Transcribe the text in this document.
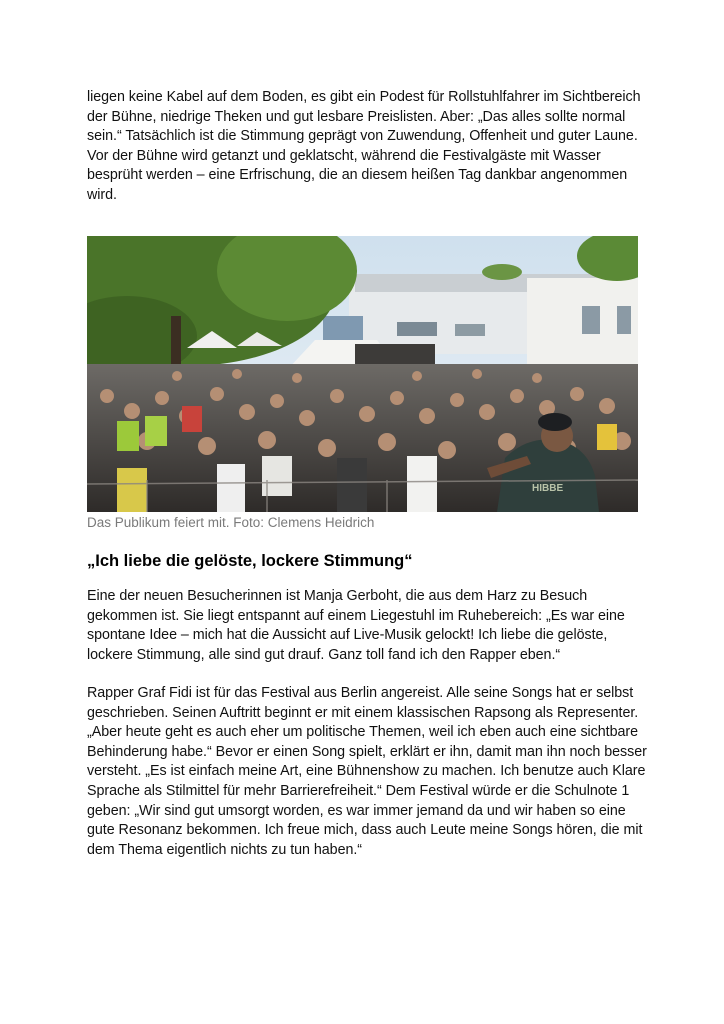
liegen keine Kabel auf dem Boden, es gibt ein Podest für Rollstuhlfahrer im Sichtbereich der Bühne, niedrige Theken und gut lesbare Preislisten. Aber: „Das alles sollte normal sein.“ Tatsächlich ist die Stimmung geprägt von Zuwendung, Offenheit und guter Laune. Vor der Bühne wird getanzt und geklatscht, während die Festivalgäste mit Wasser besprüht werden – eine Erfrischung, die an diesem heißen Tag dankbar angenommen wird.

HIBBE

Das Publikum feiert mit. Foto: Clemens Heidrich

„Ich liebe die gelöste, lockere Stimmung“

Eine der neuen Besucherinnen ist Manja Gerboht, die aus dem Harz zu Besuch gekommen ist. Sie liegt entspannt auf einem Liegestuhl im Ruhebereich: „Es war eine spontane Idee – mich hat die Aussicht auf Live-Musik gelockt! Ich liebe die gelöste, lockere Stimmung, alle sind gut drauf. Ganz toll fand ich den Rapper eben.“

Rapper Graf Fidi ist für das Festival aus Berlin angereist. Alle seine Songs hat er selbst geschrieben. Seinen Auftritt beginnt er mit einem klassischen Rapsong als Representer. „Aber heute geht es auch eher um politische Themen, weil ich eben auch eine sichtbare Behinderung habe.“ Bevor er einen Song spielt, erklärt er ihn, damit man ihn noch besser versteht. „Es ist einfach meine Art, eine Bühnenshow zu machen. Ich benutze auch Klare Sprache als Stilmittel für mehr Barrierefreiheit.“ Dem Festival würde er die Schulnote 1 geben: „Wir sind gut umsorgt worden, es war immer jemand da und wir haben so eine gute Resonanz bekommen. Ich freue mich, dass auch Leute meine Songs hören, die mit dem Thema eigentlich nichts zu tun haben.“
